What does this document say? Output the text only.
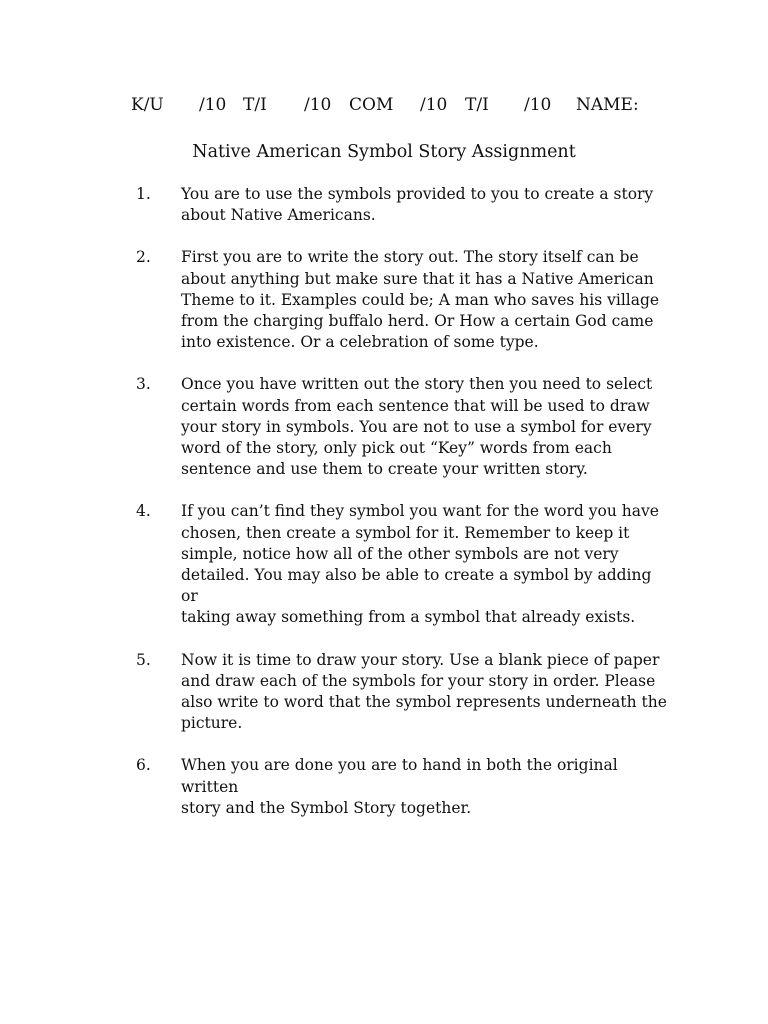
K/U /10 T/I /10 COM /10 T/I /10 NAME:
Native American Symbol Story Assignment
1. You are to use the symbols provided to you to create a story
about Native Americans.
2. First you are to write the story out. The story itself can be
about anything but make sure that it has a Native American
Theme to it. Examples could be; A man who saves his village
from the charging buffalo herd. Or How a certain God came
into existence. Or a celebration of some type.
3. Once you have written out the story then you need to select
certain words from each sentence that will be used to draw
your story in symbols. You are not to use a symbol for every
word of the story, only pick out “Key” words from each
sentence and use them to create your written story.
4. If you can’t find they symbol you want for the word you have
chosen, then create a symbol for it. Remember to keep it
simple, notice how all of the other symbols are not very
detailed. You may also be able to create a symbol by adding or
taking away something from a symbol that already exists.
5. Now it is time to draw your story. Use a blank piece of paper
and draw each of the symbols for your story in order. Please
also write to word that the symbol represents underneath the
picture.
6. When you are done you are to hand in both the original written
story and the Symbol Story together.
